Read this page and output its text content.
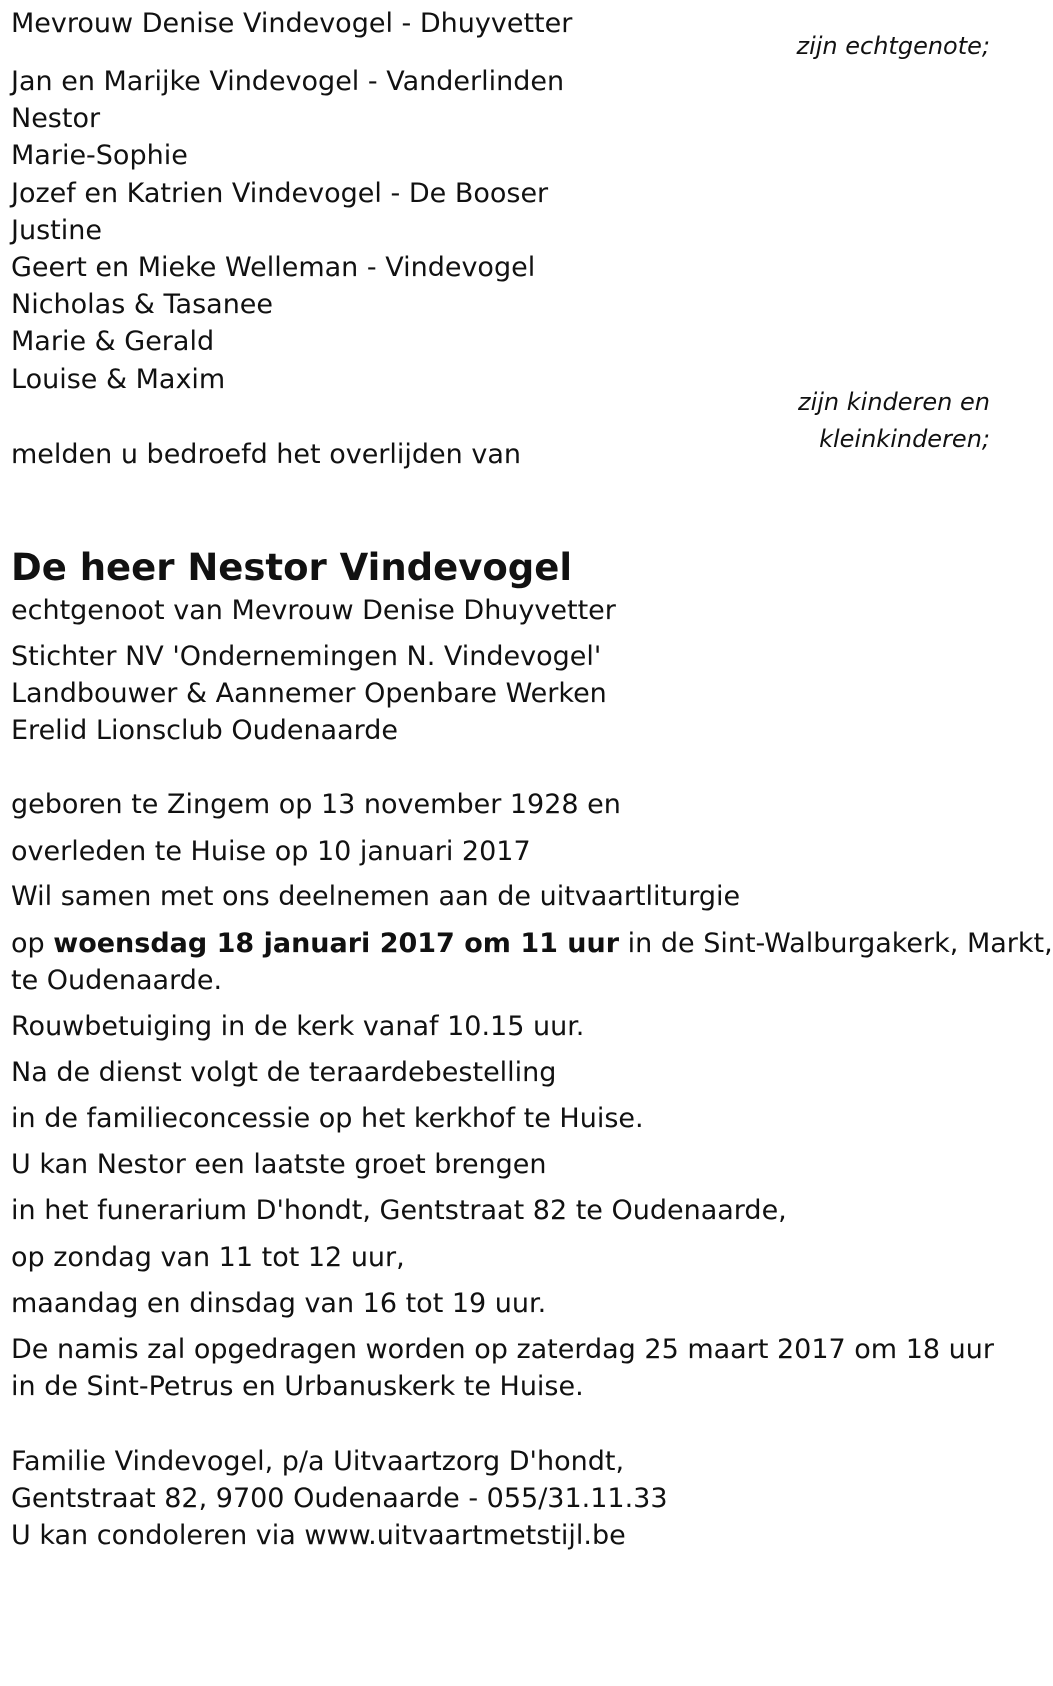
Mevrouw Denise Vindevogel - Dhuyvetter

zijn echtgenote;

Jan en Marijke Vindevogel - Vanderlinden

Nestor

Marie-Sophie

Jozef en Katrien Vindevogel - De Booser

Justine

Geert en Mieke Welleman - Vindevogel

Nicholas & Tasanee

Marie & Gerald

Louise & Maxim

zijn kinderen en

kleinkinderen;

melden u bedroefd het overlijden van

De heer Nestor Vindevogel

echtgenoot van Mevrouw Denise Dhuyvetter

Stichter NV 'Ondernemingen N. Vindevogel'

Landbouwer & Aannemer Openbare Werken

Erelid Lionsclub Oudenaarde

geboren te Zingem op 13 november 1928 en

overleden te Huise op 10 januari 2017

Wil samen met ons deelnemen aan de uitvaartliturgie

op woensdag 18 januari 2017 om 11 uur in de Sint-Walburgakerk, Markt,

te Oudenaarde.

Rouwbetuiging in de kerk vanaf 10.15 uur.

Na de dienst volgt de teraardebestelling

in de familieconcessie op het kerkhof te Huise.

U kan Nestor een laatste groet brengen

in het funerarium D'hondt, Gentstraat 82 te Oudenaarde,

op zondag van 11 tot 12 uur,

maandag en dinsdag van 16 tot 19 uur.

De namis zal opgedragen worden op zaterdag 25 maart 2017 om 18 uur

in de Sint-Petrus en Urbanuskerk te Huise.

Familie Vindevogel, p/a Uitvaartzorg D'hondt,

Gentstraat 82, 9700 Oudenaarde - 055/31.11.33

U kan condoleren via www.uitvaartmetstijl.be
